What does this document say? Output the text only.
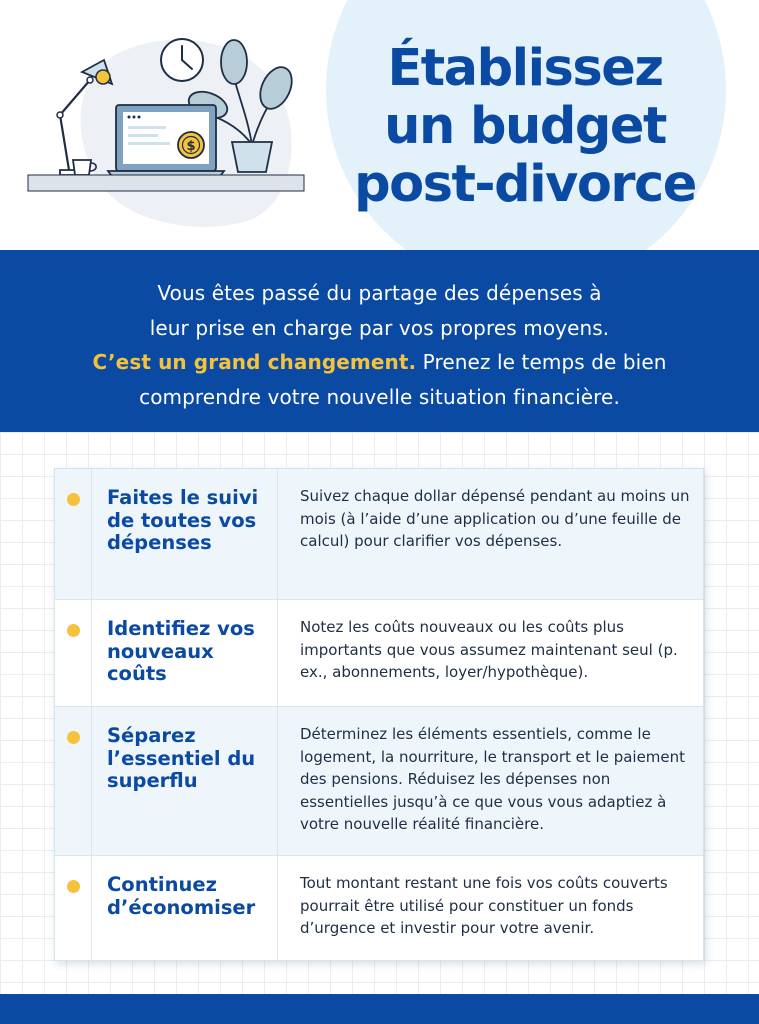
$
Établissez
un budget
post-divorce

Vous êtes passé du partage des dépenses à

leur prise en charge par vos propres moyens.

C’est un grand changement. Prenez le temps de bien

comprendre votre nouvelle situation financière.

Faites le suivi de toutes vos dépenses
Suivez chaque dollar dépensé pendant au moins un mois (à l’aide d’une application ou d’une feuille de calcul) pour clarifier vos dépenses.
Identifiez vos nouveaux coûts
Notez les coûts nouveaux ou les coûts plus importants que vous assumez maintenant seul (p. ex., abonnements, loyer/hypothèque).
Séparez l’essentiel du superflu
Déterminez les éléments essentiels, comme le logement, la nourriture, le transport et le paiement des pensions. Réduisez les dépenses non essentielles jusqu’à ce que vous vous adaptiez à votre nouvelle réalité financière.
Continuez d’économiser
Tout montant restant une fois vos coûts couverts pourrait être utilisé pour constituer un fonds d’urgence et investir pour votre avenir.
